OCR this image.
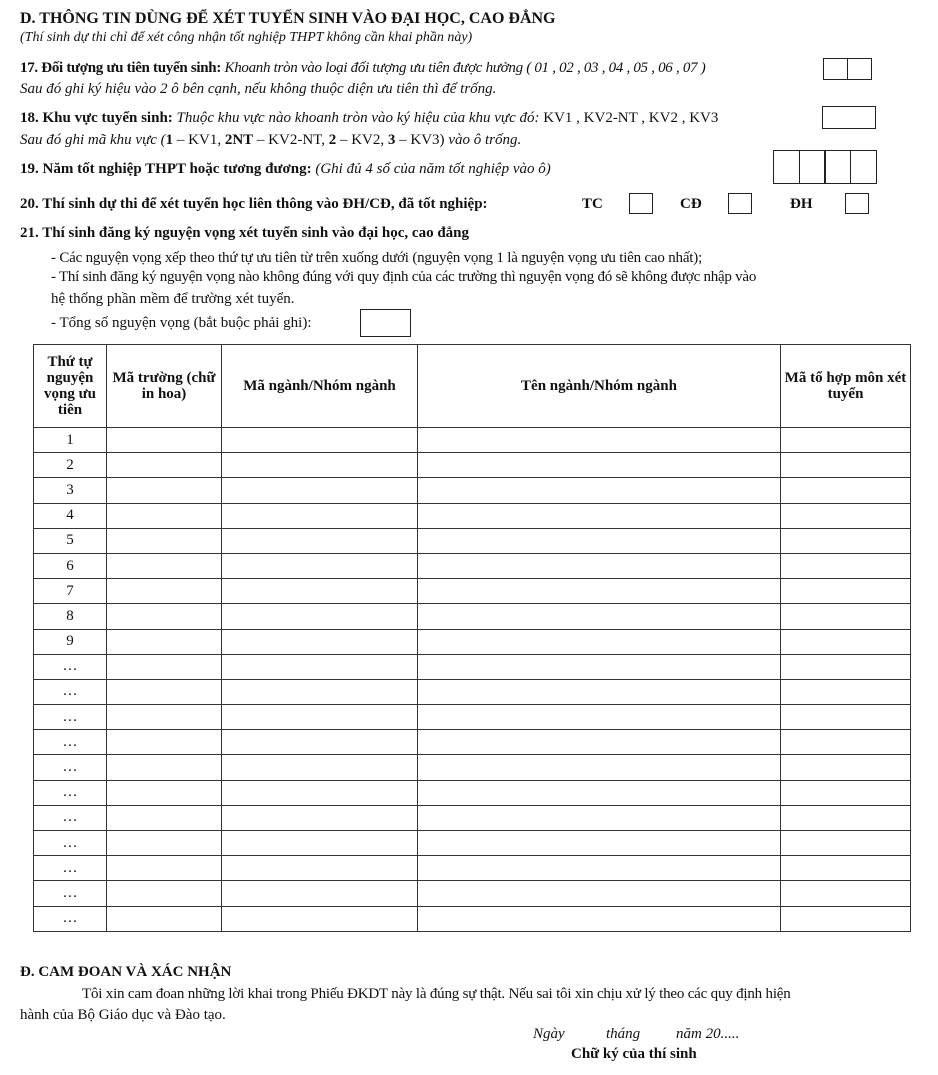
D. THÔNG TIN DÙNG ĐỂ XÉT TUYỂN SINH VÀO ĐẠI HỌC, CAO ĐẲNG
(Thí sinh dự thi chỉ để xét công nhận tốt nghiệp THPT không cần khai phần này)
17. Đối tượng ưu tiên tuyển sinh: Khoanh tròn vào loại đối tượng ưu tiên được hưởng ( 01 , 02 , 03 , 04 , 05 , 06 , 07 )
Sau đó ghi ký hiệu vào 2 ô bên cạnh, nếu không thuộc diện ưu tiên thì để trống.
18. Khu vực tuyển sinh: Thuộc khu vực nào khoanh tròn vào ký hiệu của khu vực đó: KV1 , KV2-NT , KV2 , KV3
Sau đó ghi mã khu vực (1 – KV1, 2NT – KV2-NT, 2 – KV2, 3 – KV3) vào ô trống.
19. Năm tốt nghiệp THPT hoặc tương đương: (Ghi đủ 4 số của năm tốt nghiệp vào ô)
20. Thí sinh dự thi để xét tuyển học liên thông vào ĐH/CĐ, đã tốt nghiệp:	TC	CĐ	ĐH
21. Thí sinh đăng ký nguyện vọng xét tuyển sinh vào đại học, cao đẳng
- Các nguyện vọng xếp theo thứ tự ưu tiên từ trên xuống dưới (nguyện vọng 1 là nguyện vọng ưu tiên cao nhất);
- Thí sinh đăng ký nguyện vọng nào không đúng với quy định của các trường thì nguyện vọng đó sẽ không được nhập vào
hệ thống phần mềm để trường xét tuyển.
- Tổng số nguyện vọng (bắt buộc phải ghi):
Thứ tự nguyện vọng ưu tiên	Mã trường (chữ in hoa)	Mã ngành/Nhóm ngành	Tên ngành/Nhóm ngành	Mã tổ hợp môn xét tuyển
1				
2				
3				
4				
5				
6				
7				
8				
9				
…				
…				
…				
…				
…				
…				
…				
…				
…				
…				
…				
Đ. CAM ĐOAN VÀ XÁC NHẬN
Tôi xin cam đoan những lời khai trong Phiếu ĐKDT này là đúng sự thật. Nếu sai tôi xin chịu xử lý theo các quy định hiện
hành của Bộ Giáo dục và Đào tạo.
Ngày	tháng năm 20.....
Chữ ký của thí sinh
